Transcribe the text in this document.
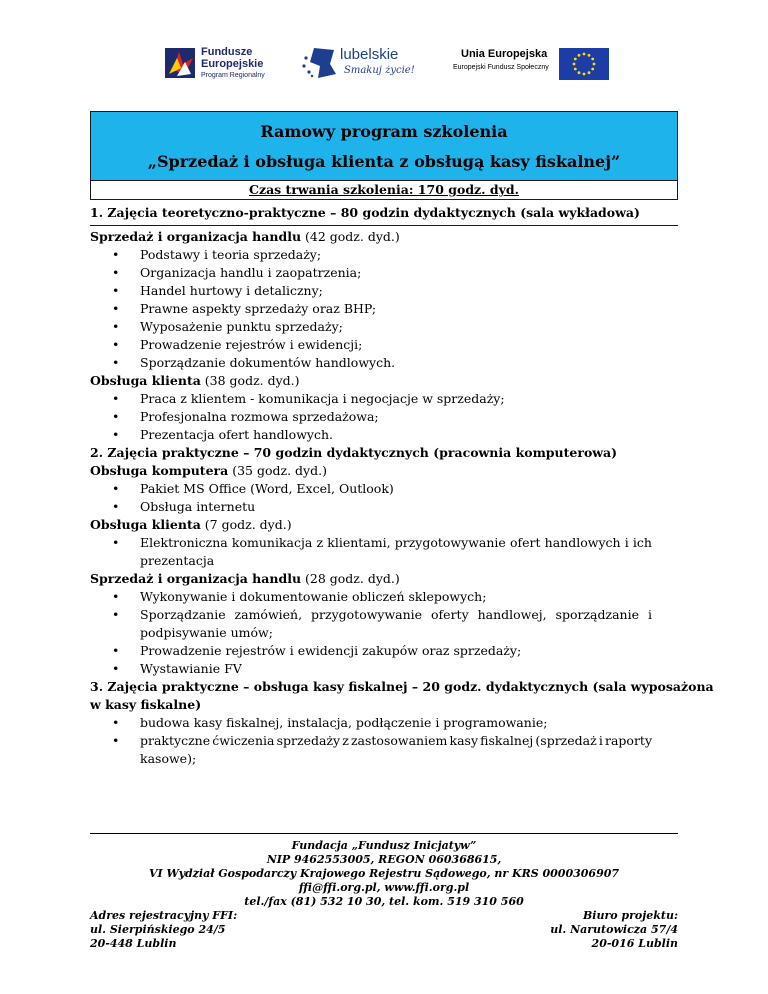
Fundusze
Europejskie
Program Regionalny
lubelskie
Smakuj życie!
Unia Europejska
Europejski Fundusz Społeczny
Ramowy program szkolenia
„Sprzedaż i obsługa klienta z obsługą kasy fiskalnej”
Czas trwania szkolenia: 170 godz. dyd.
1. Zajęcia teoretyczno-praktyczne – 80 godzin dydaktycznych (sala wykładowa)
Sprzedaż i organizacja handlu (42 godz. dyd.)
Podstawy i teoria sprzedaży;
Organizacja handlu i zaopatrzenia;
Handel hurtowy i detaliczny;
Prawne aspekty sprzedaży oraz BHP;
Wyposażenie punktu sprzedaży;
Prowadzenie rejestrów i ewidencji;
Sporządzanie dokumentów handlowych.
Obsługa klienta (38 godz. dyd.)
Praca z klientem - komunikacja i negocjacje w sprzedaży;
Profesjonalna rozmowa sprzedażowa;
Prezentacja ofert handlowych.
2. Zajęcia praktyczne – 70 godzin dydaktycznych (pracownia komputerowa)
Obsługa komputera (35 godz. dyd.)
Pakiet MS Office (Word, Excel, Outlook)
Obsługa internetu
Obsługa klienta (7 godz. dyd.)
Elektroniczna komunikacja z klientami, przygotowywanie ofert handlowych i ich
prezentacja
Sprzedaż i organizacja handlu (28 godz. dyd.)
Wykonywanie i dokumentowanie obliczeń sklepowych;
Sporządzanie zamówień, przygotowywanie oferty handlowej, sporządzanie i
podpisywanie umów;
Prowadzenie rejestrów i ewidencji zakupów oraz sprzedaży;
Wystawianie FV
3. Zajęcia praktyczne – obsługa kasy fiskalnej – 20 godz. dydaktycznych (sala wyposażona
w kasy fiskalne)
budowa kasy fiskalnej, instalacja, podłączenie i programowanie;
praktyczne ćwiczenia sprzedaży z zastosowaniem kasy fiskalnej (sprzedaż i raporty
kasowe);
Fundacja „Fundusz Inicjatyw”
NIP 9462553005, REGON 060368615,
VI Wydział Gospodarczy Krajowego Rejestru Sądowego, nr KRS 0000306907
ffi@ffi.org.pl, www.ffi.org.pl
tel./fax (81) 532 10 30, tel. kom. 519 310 560
Adres rejestracyjny FFI:
ul. Sierpińskiego 24/5
20-448 Lublin
Biuro projektu:
ul. Narutowicza 57/4
20-016 Lublin
